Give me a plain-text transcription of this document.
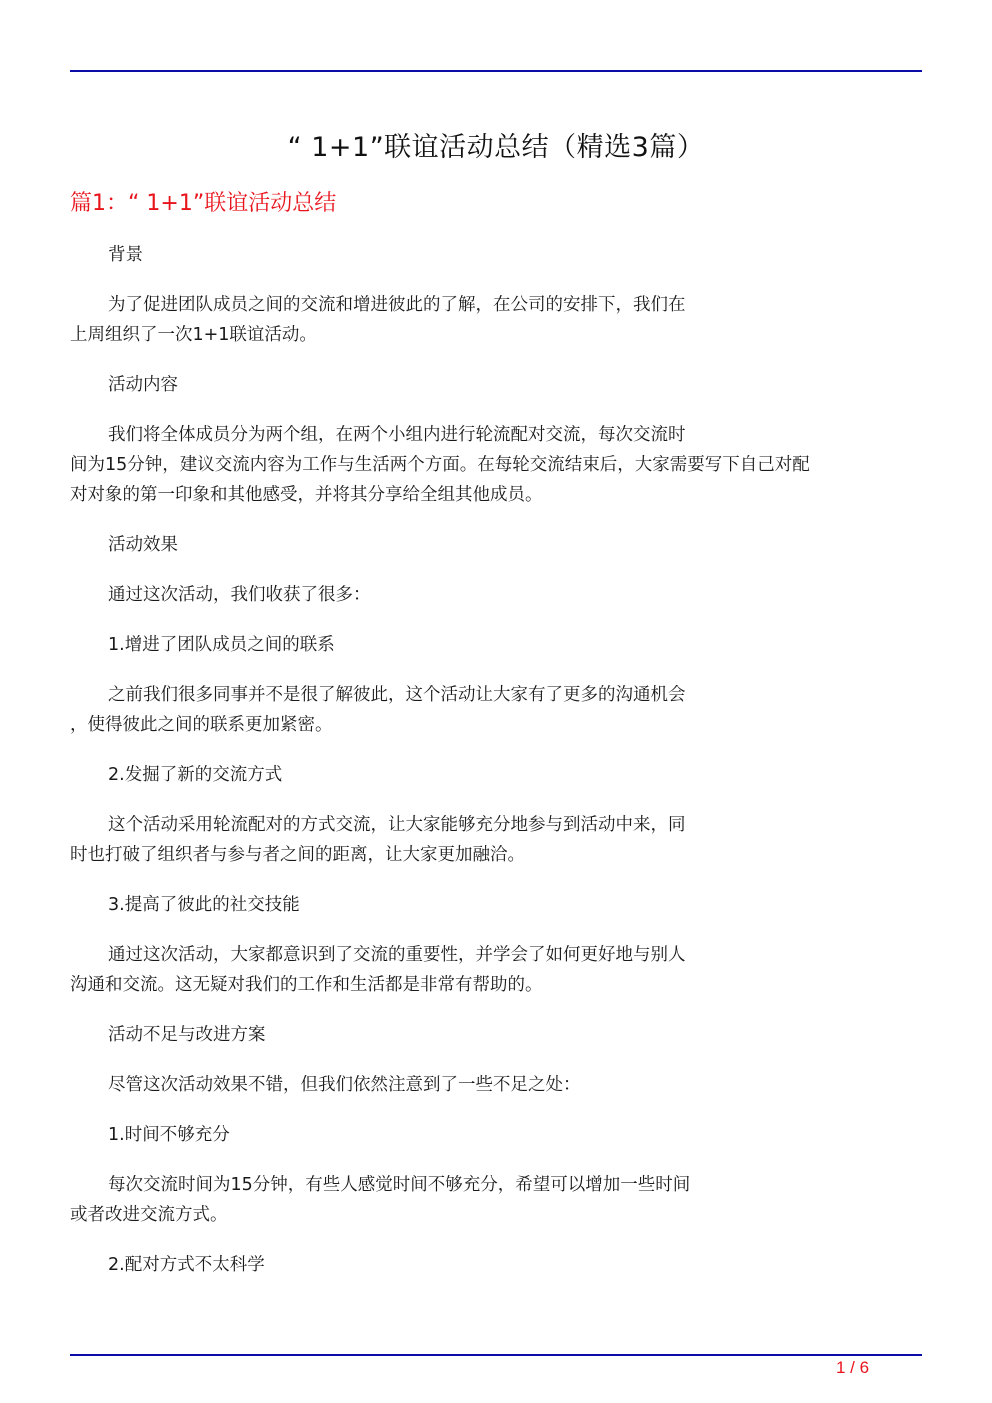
“ 1+1”联谊活动总结（精选3篇）
篇1：“ 1+1”联谊活动总结

背景

为了促进团队成员之间的交流和增进彼此的了解，在公司的安排下，我们在
上周组织了一次1+1联谊活动。

活动内容

我们将全体成员分为两个组，在两个小组内进行轮流配对交流，每次交流时
间为15分钟，建议交流内容为工作与生活两个方面。在每轮交流结束后，大家需要写下自己对配
对对象的第一印象和其他感受，并将其分享给全组其他成员。

活动效果

通过这次活动，我们收获了很多：

1.增进了团队成员之间的联系

之前我们很多同事并不是很了解彼此，这个活动让大家有了更多的沟通机会
，使得彼此之间的联系更加紧密。

2.发掘了新的交流方式

这个活动采用轮流配对的方式交流，让大家能够充分地参与到活动中来，同
时也打破了组织者与参与者之间的距离，让大家更加融洽。

3.提高了彼此的社交技能

通过这次活动，大家都意识到了交流的重要性，并学会了如何更好地与别人
沟通和交流。这无疑对我们的工作和生活都是非常有帮助的。

活动不足与改进方案

尽管这次活动效果不错，但我们依然注意到了一些不足之处：

1.时间不够充分

每次交流时间为15分钟，有些人感觉时间不够充分，希望可以增加一些时间
或者改进交流方式。

2.配对方式不太科学

1 / 6
